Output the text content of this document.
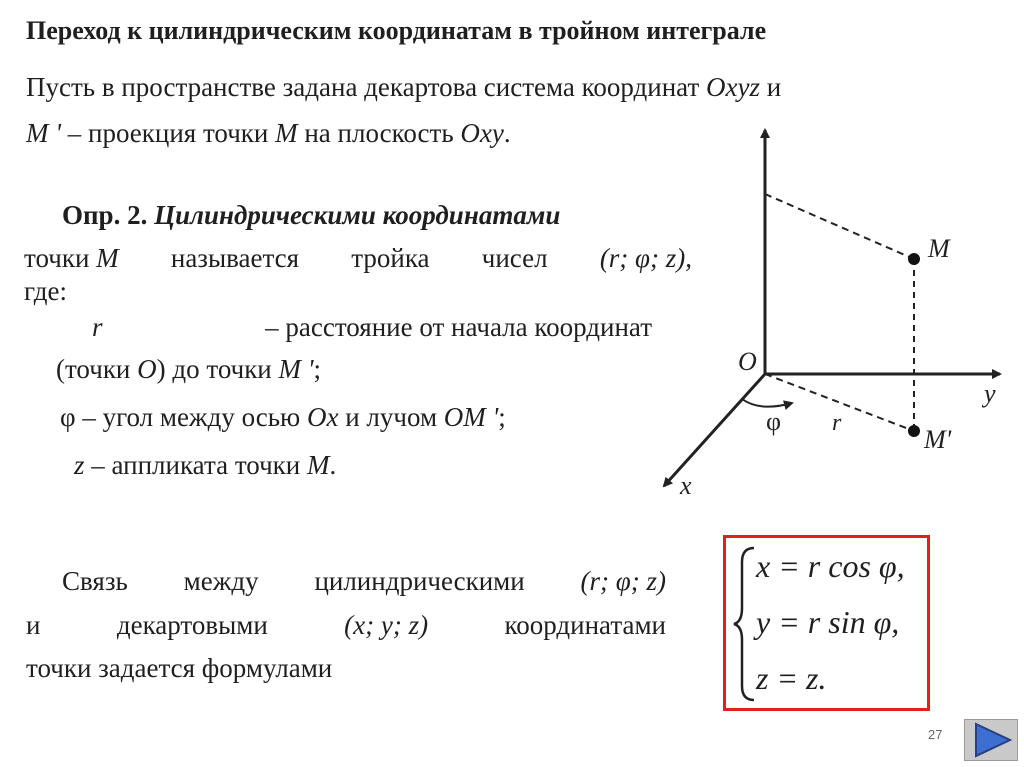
Переход к цилиндрическим координатам в тройном интеграле
Пусть в пространстве задана декартова система координат Oxyz и
M ' – проекция точки M на плоскость Oxy.
Опр. 2. Цилиндрическими координатами
точки M называется тройка чисел (r; φ; z),
где:
r	– расстояние от начала координат
(точки O) до точки M ';
φ – угол между осью Ox и лучом OM ';
z – аппликата точки M.
Связь между цилиндрическими (r; φ; z)
и	декартовыми	(x; y; z)	координатами
точки задается формулами
O
y
x
M
M'
φ r
x = r cos φ,
y = r sin φ,
z = z.
27
